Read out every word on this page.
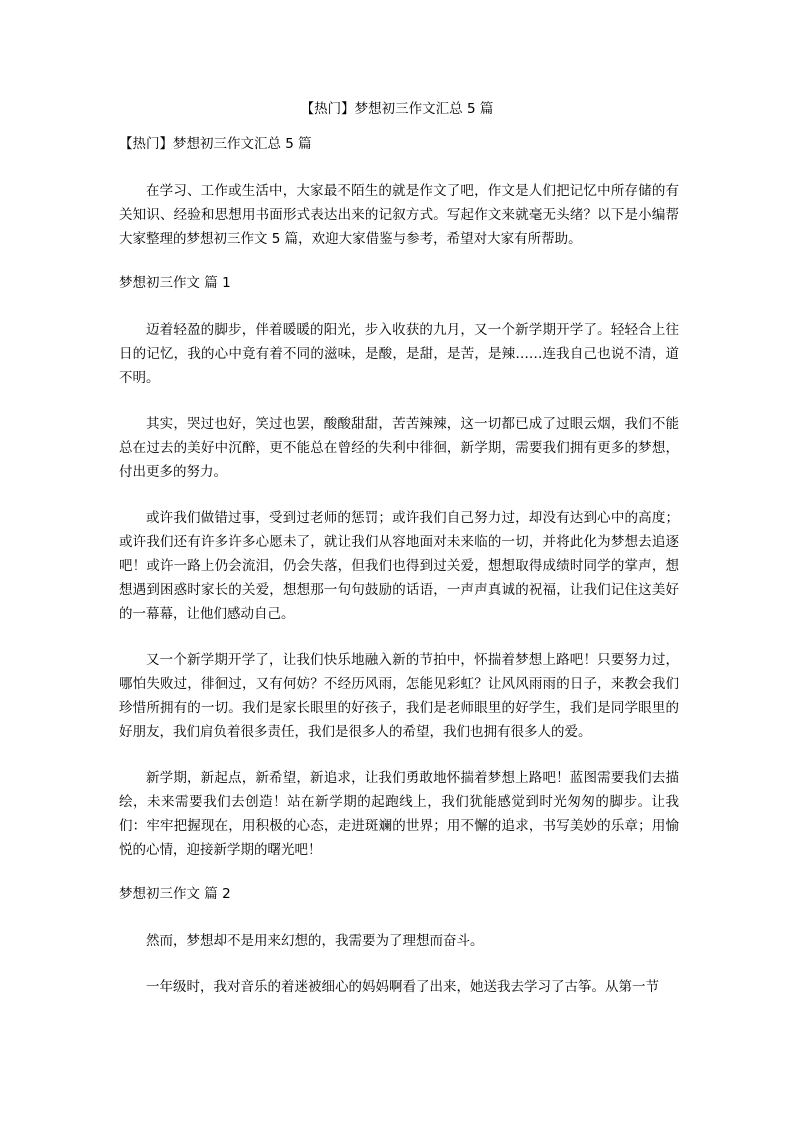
【热门】梦想初三作文汇总 5 篇

【热门】梦想初三作文汇总 5 篇

在学习、工作或生活中，大家最不陌生的就是作文了吧，作文是人们把记忆中所存储的有关知识、经验和思想用书面形式表达出来的记叙方式。写起作文来就毫无头绪？以下是小编帮大家整理的梦想初三作文 5 篇，欢迎大家借鉴与参考，希望对大家有所帮助。

梦想初三作文 篇 1

迈着轻盈的脚步，伴着暖暖的阳光，步入收获的九月，又一个新学期开学了。轻轻合上往日的记忆，我的心中竟有着不同的滋味，是酸，是甜，是苦，是辣……连我自己也说不清，道不明。

其实，哭过也好，笑过也罢，酸酸甜甜，苦苦辣辣，这一切都已成了过眼云烟，我们不能总在过去的美好中沉醉，更不能总在曾经的失利中徘徊，新学期，需要我们拥有更多的梦想，付出更多的努力。

或许我们做错过事，受到过老师的惩罚；或许我们自己努力过，却没有达到心中的高度；或许我们还有许多许多心愿未了，就让我们从容地面对未来临的一切，并将此化为梦想去追逐吧！或许一路上仍会流泪，仍会失落，但我们也得到过关爱，想想取得成绩时同学的掌声，想想遇到困惑时家长的关爱，想想那一句句鼓励的话语，一声声真诚的祝福，让我们记住这美好的一幕幕，让他们感动自己。

又一个新学期开学了，让我们快乐地融入新的节拍中，怀揣着梦想上路吧！只要努力过，哪怕失败过，徘徊过，又有何妨？不经历风雨，怎能见彩虹？让风风雨雨的日子，来教会我们珍惜所拥有的一切。我们是家长眼里的好孩子，我们是老师眼里的好学生，我们是同学眼里的好朋友，我们肩负着很多责任，我们是很多人的希望，我们也拥有很多人的爱。

新学期，新起点，新希望，新追求，让我们勇敢地怀揣着梦想上路吧！蓝图需要我们去描绘，未来需要我们去创造！站在新学期的起跑线上，我们犹能感觉到时光匆匆的脚步。让我们：牢牢把握现在，用积极的心态，走进斑斓的世界；用不懈的追求，书写美妙的乐章；用愉悦的心情，迎接新学期的曙光吧！

梦想初三作文 篇 2

然而，梦想却不是用来幻想的，我需要为了理想而奋斗。

一年级时，我对音乐的着迷被细心的妈妈啊看了出来，她送我去学习了古筝。从第一节
